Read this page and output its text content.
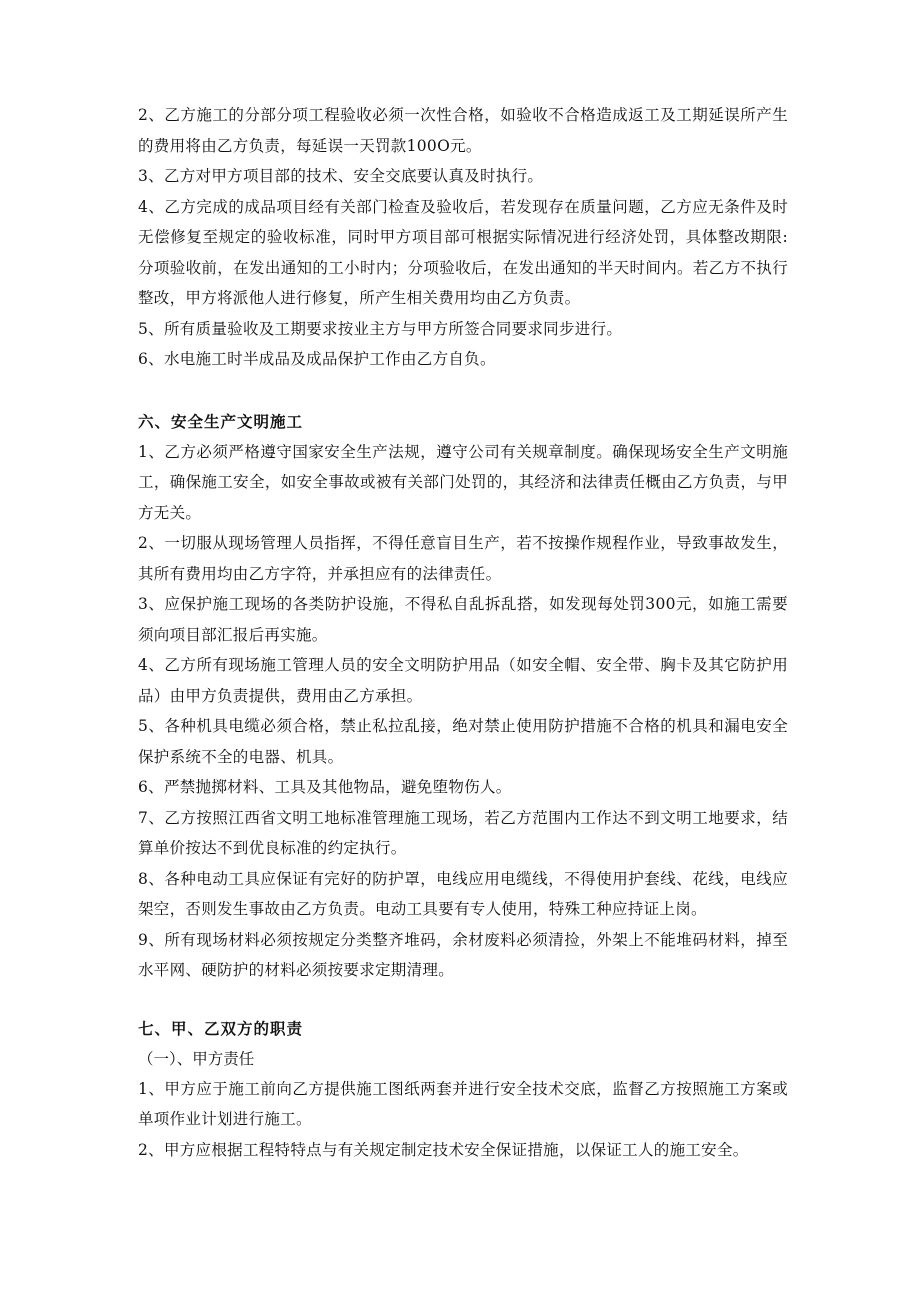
2、乙方施工的分部分项工程验收必须一次性合格，如验收不合格造成返工及工期延误所产生的费用将由乙方负责，每延误一天罚款100O元。

3、乙方对甲方项目部的技术、安全交底要认真及时执行。

4、乙方完成的成品项目经有关部门检查及验收后，若发现存在质量问题，乙方应无条件及时无偿修复至规定的验收标准，同时甲方项目部可根据实际情况进行经济处罚，具体整改期限:分项验收前，在发出通知的工小时内；分项验收后，在发出通知的半天时间内。若乙方不执行整改，甲方将派他人进行修复，所产生相关费用均由乙方负责。

5、所有质量验收及工期要求按业主方与甲方所签合同要求同步进行。

6、水电施工时半成品及成品保护工作由乙方自负。

六、安全生产文明施工

1、乙方必须严格遵守国家安全生产法规，遵守公司有关规章制度。确保现场安全生产文明施工，确保施工安全，如安全事故或被有关部门处罚的，其经济和法律责任概由乙方负责，与甲方无关。

2、一切服从现场管理人员指挥，不得任意盲目生产，若不按操作规程作业，导致事故发生，其所有费用均由乙方字符，并承担应有的法律责任。

3、应保护施工现场的各类防护设施，不得私自乱拆乱搭，如发现每处罚300元，如施工需要须向项目部汇报后再实施。

4、乙方所有现场施工管理人员的安全文明防护用品（如安全帽、安全带、胸卡及其它防护用品）由甲方负责提供，费用由乙方承担。

5、各种机具电缆必须合格，禁止私拉乱接，绝对禁止使用防护措施不合格的机具和漏电安全保护系统不全的电器、机具。

6、严禁抛掷材料、工具及其他物品，避免堕物伤人。

7、乙方按照江西省文明工地标准管理施工现场，若乙方范围内工作达不到文明工地要求，结算单价按达不到优良标准的约定执行。

8、各种电动工具应保证有完好的防护罩，电线应用电缆线，不得使用护套线、花线，电线应架空，否则发生事故由乙方负责。电动工具要有专人使用，特殊工种应持证上岗。

9、所有现场材料必须按规定分类整齐堆码，余材废料必须清捡，外架上不能堆码材料，掉至水平网、硬防护的材料必须按要求定期清理。

七、甲、乙双方的职责

（一）、甲方责任

1、甲方应于施工前向乙方提供施工图纸两套并进行安全技术交底，监督乙方按照施工方案或单项作业计划进行施工。

2、甲方应根据工程特特点与有关规定制定技术安全保证措施，以保证工人的施工安全。
